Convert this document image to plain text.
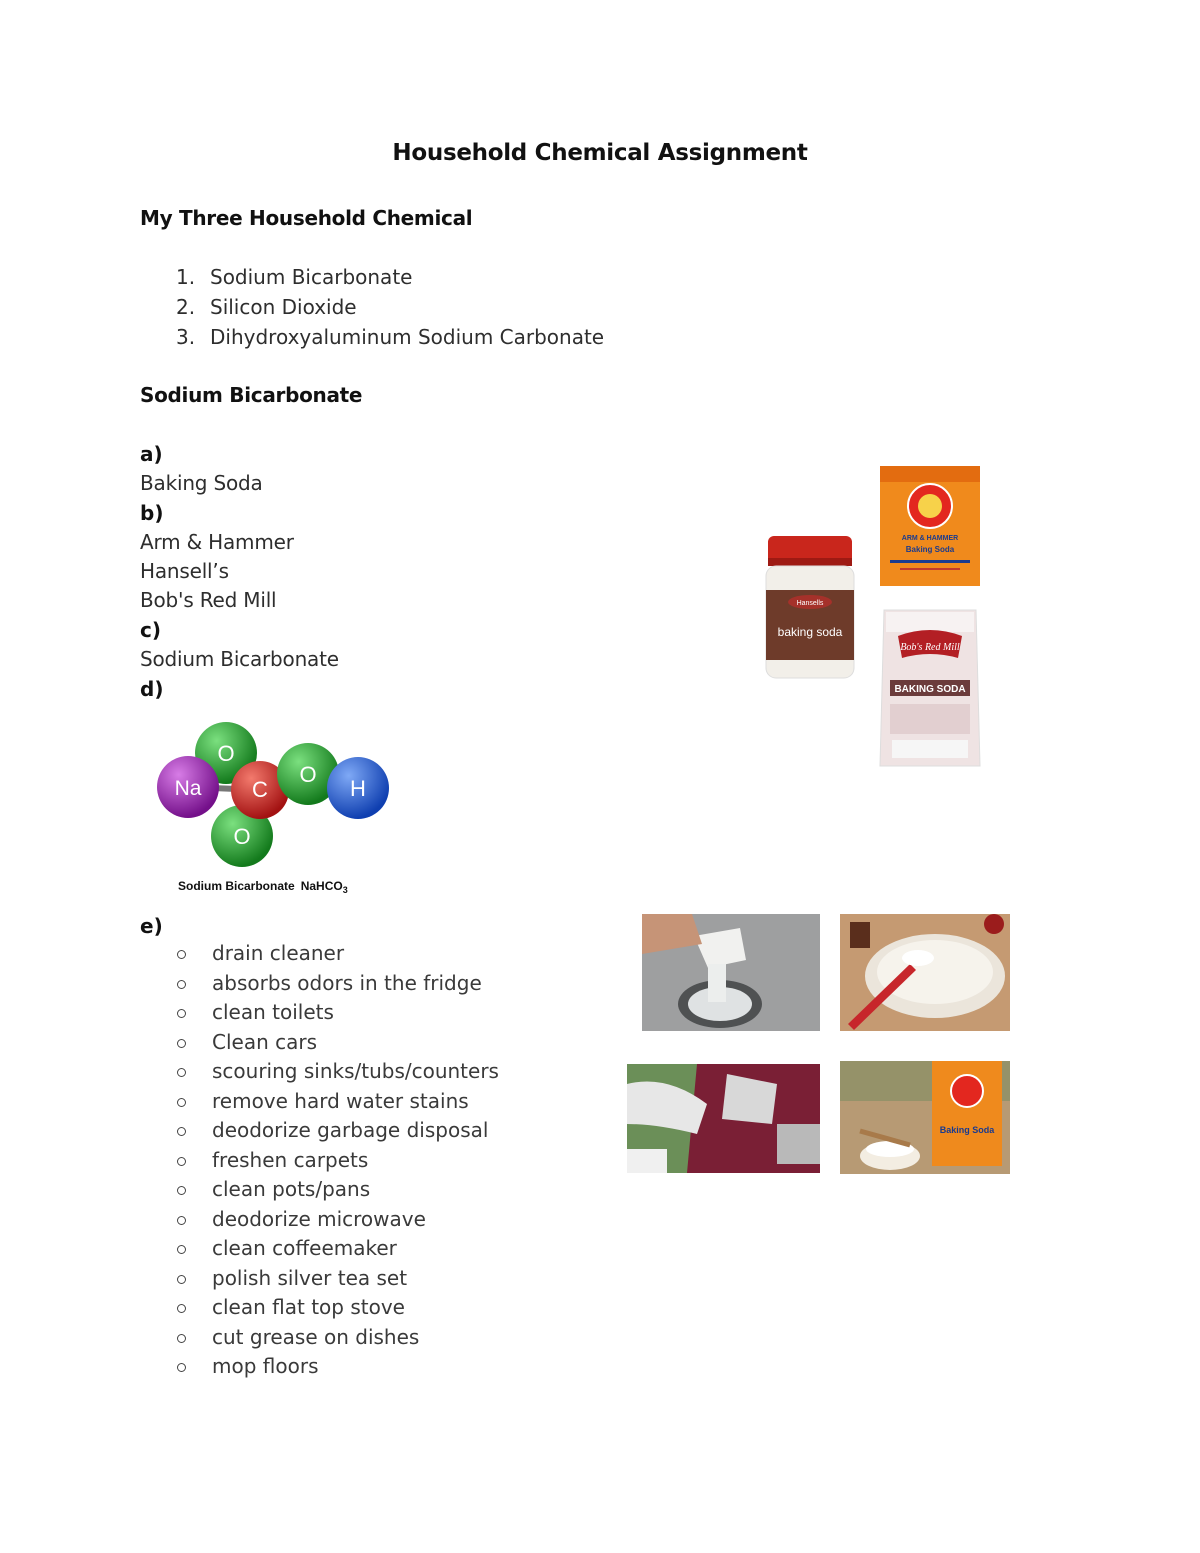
Household Chemical Assignment
My Three Household Chemical
1. Sodium Bicarbonate
2. Silicon Dioxide
3. Dihydroxyaluminum Sodium Carbonate
Sodium Bicarbonate
a)
Baking Soda
b)
Arm & Hammer
Hansell’s
Bob's Red Mill
c)
Sodium Bicarbonate
d)
O
Na
O
C
O
H
Sodium Bicarbonate NaHCO$_3$
e)
drain cleaner
absorbs odors in the fridge
clean toilets
Clean cars
scouring sinks/tubs/counters
remove hard water stains
deodorize garbage disposal
freshen carpets
clean pots/pans
deodorize microwave
clean coffeemaker
polish silver tea set
clean flat top stove
cut grease on dishes
mop floors
ARM & HAMMER
Baking Soda
Hansells
baking soda
Bob's Red Mill
BAKING SODA
Baking Soda
